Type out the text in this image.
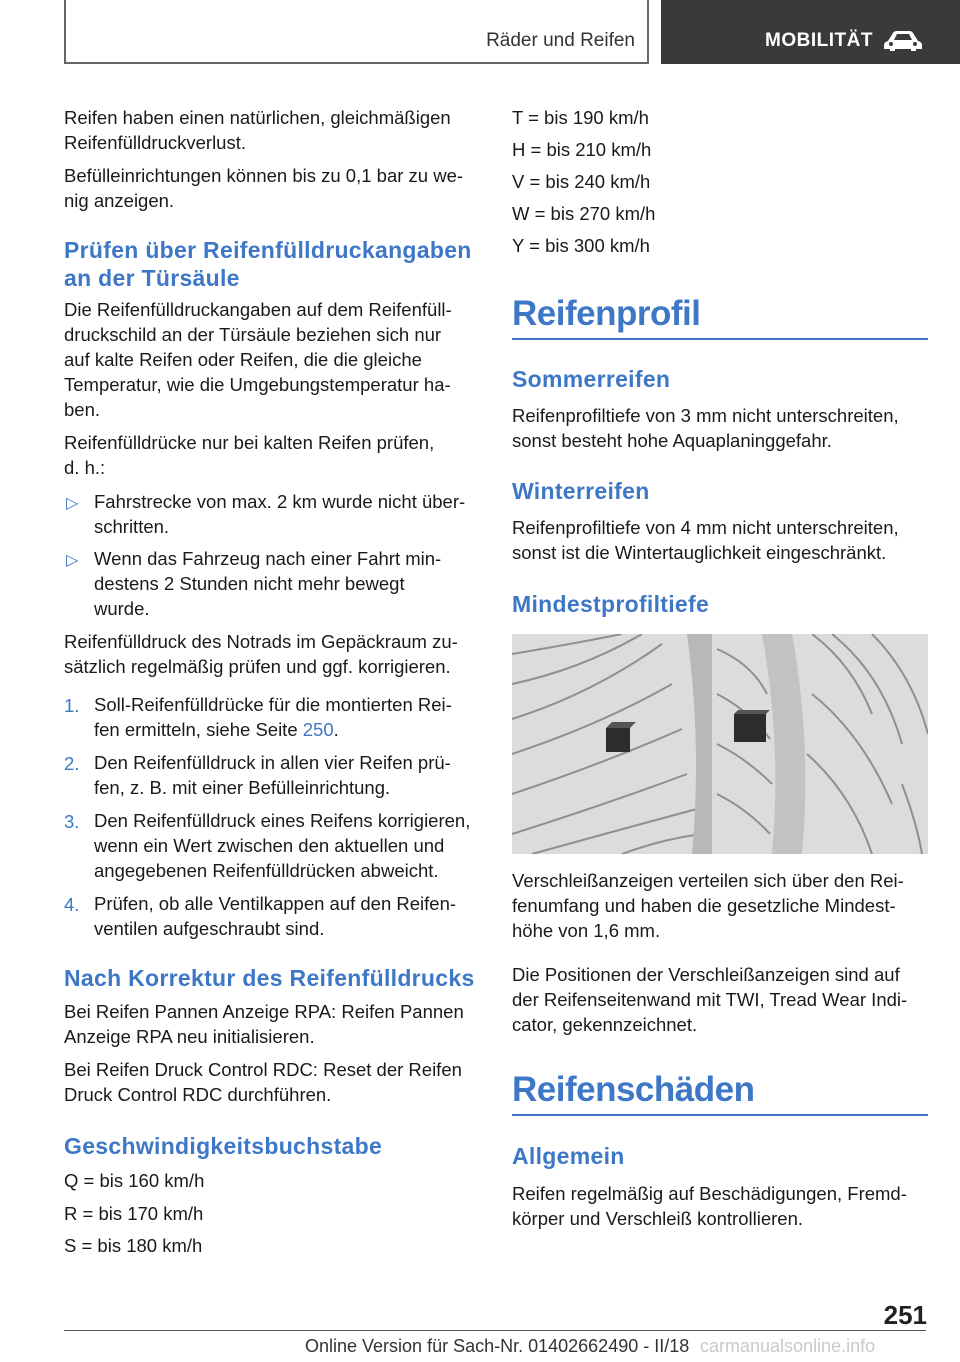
Räder und Reifen	MOBILITÄT
Reifen haben einen natürlichen, gleichmäßigen
Reifenfülldruckverlust.
Befülleinrichtungen können bis zu 0,1 bar zu we-
nig anzeigen.
Prüfen über Reifenfülldruckangaben
an der Türsäule
Die Reifenfülldruckangaben auf dem Reifenfüll-
druckschild an der Türsäule beziehen sich nur
auf kalte Reifen oder Reifen, die die gleiche
Temperatur, wie die Umgebungstemperatur ha-
ben.
Reifenfülldrücke nur bei kalten Reifen prüfen,
d. h.:
▷ Fahrstrecke von max. 2 km wurde nicht über-
schritten.
▷ Wenn das Fahrzeug nach einer Fahrt min-
destens 2 Stunden nicht mehr bewegt
wurde.
Reifenfülldruck des Notrads im Gepäckraum zu-
sätzlich regelmäßig prüfen und ggf. korrigieren.
1. Soll-Reifenfülldrücke für die montierten Rei-
fen ermitteln, siehe Seite 250.
2. Den Reifenfülldruck in allen vier Reifen prü-
fen, z. B. mit einer Befülleinrichtung.
3. Den Reifenfülldruck eines Reifens korrigieren,
wenn ein Wert zwischen den aktuellen und
angegebenen Reifenfülldrücken abweicht.
4. Prüfen, ob alle Ventilkappen auf den Reifen-
ventilen aufgeschraubt sind.
Nach Korrektur des Reifenfülldrucks
Bei Reifen Pannen Anzeige RPA: Reifen Pannen
Anzeige RPA neu initialisieren.
Bei Reifen Druck Control RDC: Reset der Reifen
Druck Control RDC durchführen.
Geschwindigkeitsbuchstabe
Q = bis 160 km/h
R = bis 170 km/h
S = bis 180 km/h
T = bis 190 km/h
H = bis 210 km/h
V = bis 240 km/h
W = bis 270 km/h
Y = bis 300 km/h
Reifenprofil
Sommerreifen
Reifenprofiltiefe von 3 mm nicht unterschreiten,
sonst besteht hohe Aquaplaninggefahr.
Winterreifen
Reifenprofiltiefe von 4 mm nicht unterschreiten,
sonst ist die Wintertauglichkeit eingeschränkt.
Mindestprofiltiefe
Verschleißanzeigen verteilen sich über den Rei-
fenumfang und haben die gesetzliche Mindest-
höhe von 1,6 mm.
Die Positionen der Verschleißanzeigen sind auf
der Reifenseitenwand mit TWI, Tread Wear Indi-
cator, gekennzeichnet.
Reifenschäden
Allgemein
Reifen regelmäßig auf Beschädigungen, Fremd-
körper und Verschleiß kontrollieren.
251
Online Version für Sach-Nr. 01402662490 - II/18 carmanualsonline.info
